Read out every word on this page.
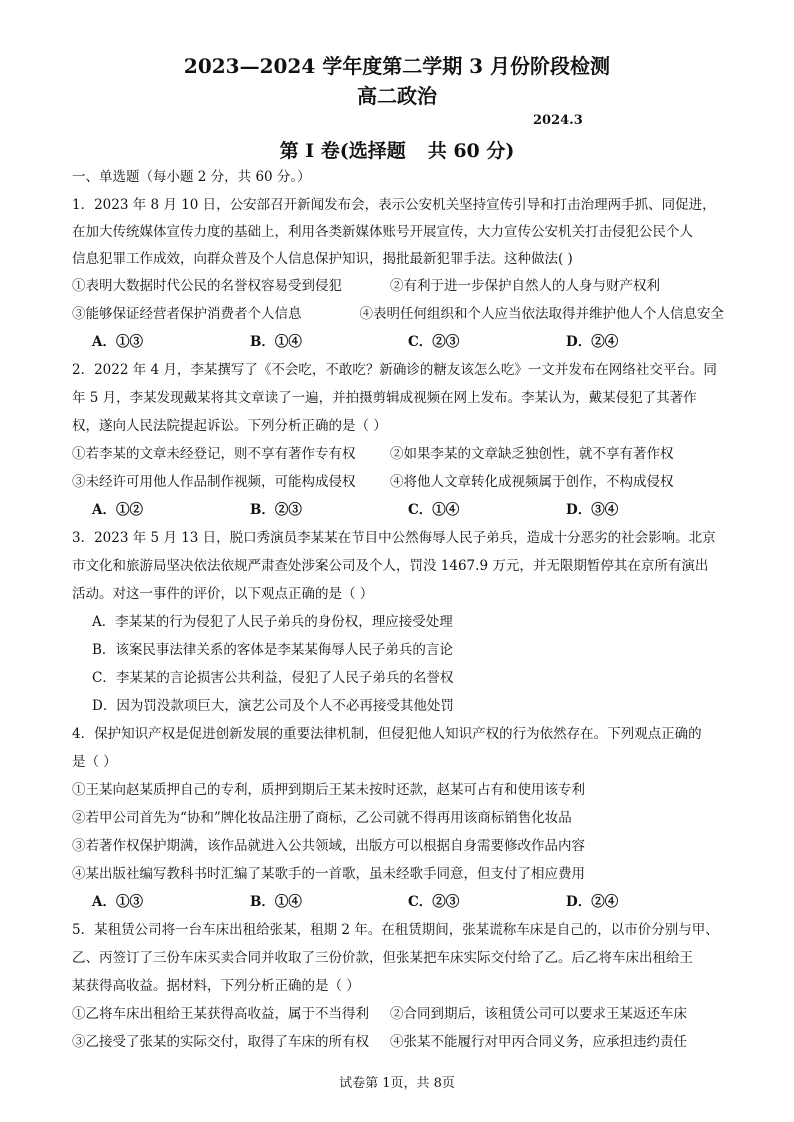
2023—2024 学年度第二学期 3 月份阶段检测
高二政治
2024.3
第 I 卷(选择题 共 60 分)
一、单选题（每小题 2 分，共 60 分。）
1．2023 年 8 月 10 日，公安部召开新闻发布会，表示公安机关坚持宣传引导和打击治理两手抓、同促进，
在加大传统媒体宣传力度的基础上，利用各类新媒体账号开展宣传，大力宣传公安机关打击侵犯公民个人
信息犯罪工作成效，向群众普及个人信息保护知识，揭批最新犯罪手法。这种做法( )
①表明大数据时代公民的名誉权容易受到侵犯	②有利于进一步保护自然人的人身与财产权利
③能够保证经营者保护消费者个人信息	④表明任何组织和个人应当依法取得并维护他人个人信息安全
A．①③	B．①④	C．②③	D．②④
2．2022 年 4 月，李某撰写了《不会吃，不敢吃？新确诊的糖友该怎么吃》一文并发布在网络社交平台。同
年 5 月，李某发现戴某将其文章读了一遍，并拍摄剪辑成视频在网上发布。李某认为，戴某侵犯了其著作
权，遂向人民法院提起诉讼。下列分析正确的是（ ）
①若李某的文章未经登记，则不享有著作专有权	②如果李某的文章缺乏独创性，就不享有著作权
③未经许可用他人作品制作视频，可能构成侵权	④将他人文章转化成视频属于创作，不构成侵权
A．①②	B．②③	C．①④	D．③④
3．2023 年 5 月 13 日，脱口秀演员李某某在节目中公然侮辱人民子弟兵，造成十分恶劣的社会影响。北京
市文化和旅游局坚决依法依规严肃查处涉案公司及个人，罚没 1467.9 万元，并无限期暂停其在京所有演出
活动。对这一事件的评价，以下观点正确的是（ ）
A．李某某的行为侵犯了人民子弟兵的身份权，理应接受处理
B．该案民事法律关系的客体是李某某侮辱人民子弟兵的言论
C．李某某的言论损害公共利益，侵犯了人民子弟兵的名誉权
D．因为罚没款项巨大，演艺公司及个人不必再接受其他处罚
4．保护知识产权是促进创新发展的重要法律机制，但侵犯他人知识产权的行为依然存在。下列观点正确的
是（ ）
①王某向赵某质押自己的专利，质押到期后王某未按时还款，赵某可占有和使用该专利
②若甲公司首先为“协和”牌化妆品注册了商标，乙公司就不得再用该商标销售化妆品
③若著作权保护期满，该作品就进入公共领域，出版方可以根据自身需要修改作品内容
④某出版社编写教科书时汇编了某歌手的一首歌，虽未经歌手同意，但支付了相应费用
A．①③	B．①④	C．②③	D．②④
5．某租赁公司将一台车床出租给张某，租期 2 年。在租赁期间，张某谎称车床是自己的，以市价分别与甲、
乙、丙签订了三份车床买卖合同并收取了三份价款，但张某把车床实际交付给了乙。后乙将车床出租给王
某获得高收益。据材料，下列分析正确的是（ ）
①乙将车床出租给王某获得高收益，属于不当得利	②合同到期后，该租赁公司可以要求王某返还车床
③乙接受了张某的实际交付，取得了车床的所有权	④张某不能履行对甲丙合同义务，应承担违约责任
试卷第 1页，共 8页
